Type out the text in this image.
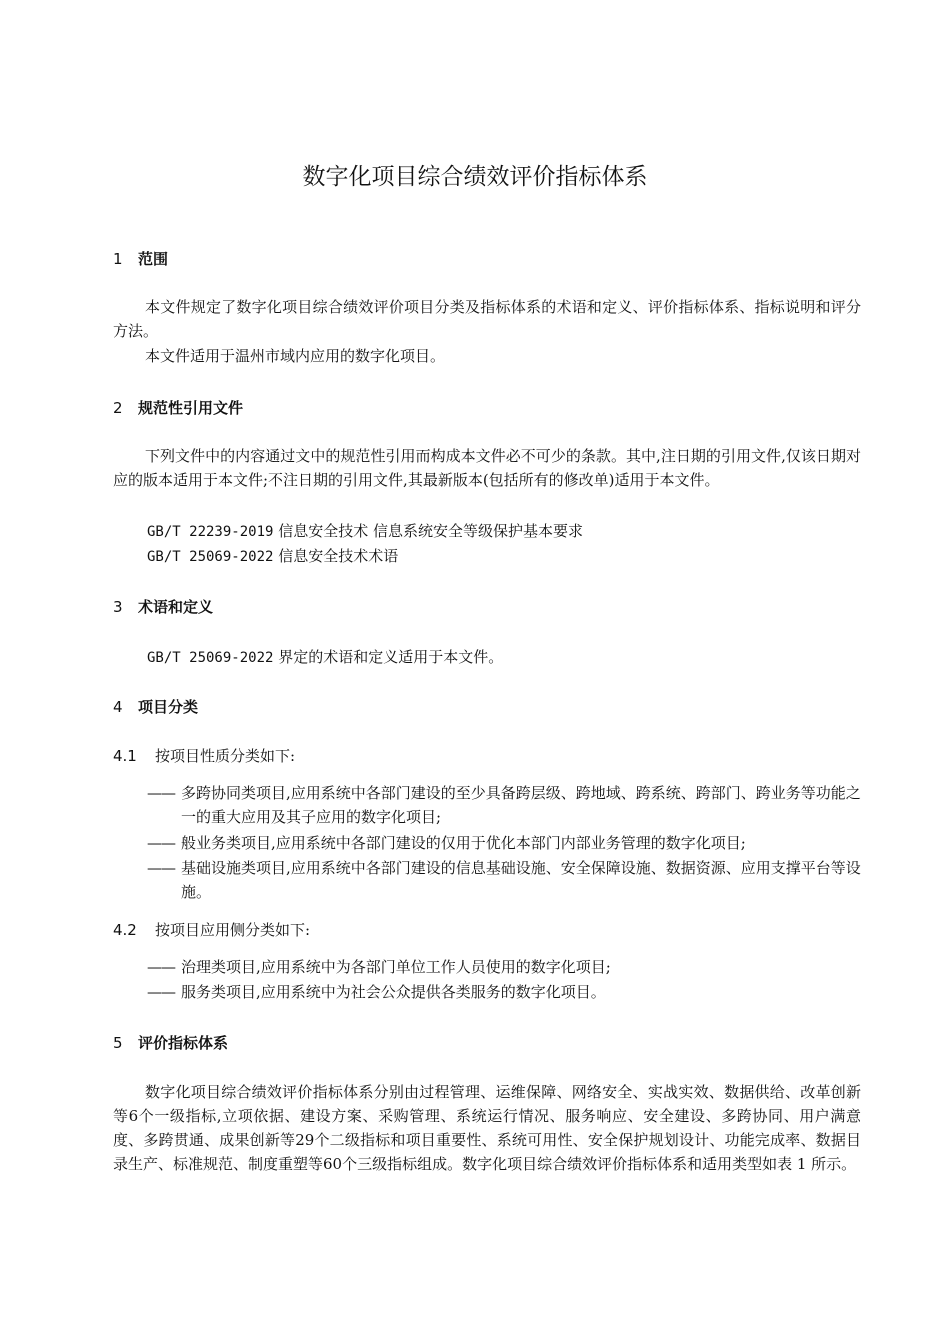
数字化项目综合绩效评价指标体系
1 范围
本文件规定了数字化项目综合绩效评价项目分类及指标体系的术语和定义、评价指标体系、指标说明和评分方法。
本文件适用于温州市域内应用的数字化项目。
2 规范性引用文件
下列文件中的内容通过文中的规范性引用而构成本文件必不可少的条款。其中,注日期的引用文件,仅该日期对应的版本适用于本文件;不注日期的引用文件,其最新版本(包括所有的修改单)适用于本文件。
GB/T 22239-2019 信息安全技术 信息系统安全等级保护基本要求
GB/T 25069-2022 信息安全技术术语
3 术语和定义
GB/T 25069-2022 界定的术语和定义适用于本文件。
4 项目分类
4.1 按项目性质分类如下:
—— 多跨协同类项目,应用系统中各部门建设的至少具备跨层级、跨地域、跨系统、跨部门、跨业务等功能之一的重大应用及其子应用的数字化项目;
—— 般业务类项目,应用系统中各部门建设的仅用于优化本部门内部业务管理的数字化项目;
—— 基础设施类项目,应用系统中各部门建设的信息基础设施、安全保障设施、数据资源、应用支撑平台等设施。
4.2 按项目应用侧分类如下:
—— 治理类项目,应用系统中为各部门单位工作人员使用的数字化项目;
—— 服务类项目,应用系统中为社会公众提供各类服务的数字化项目。
5 评价指标体系
数字化项目综合绩效评价指标体系分别由过程管理、运维保障、网络安全、实战实效、数据供给、改革创新等6个一级指标,立项依据、建设方案、采购管理、系统运行情况、服务响应、安全建设、多跨协同、用户满意度、多跨贯通、成果创新等29个二级指标和项目重要性、系统可用性、安全保护规划设计、功能完成率、数据目录生产、标准规范、制度重塑等60个三级指标组成。数字化项目综合绩效评价指标体系和适用类型如表 1 所示。
